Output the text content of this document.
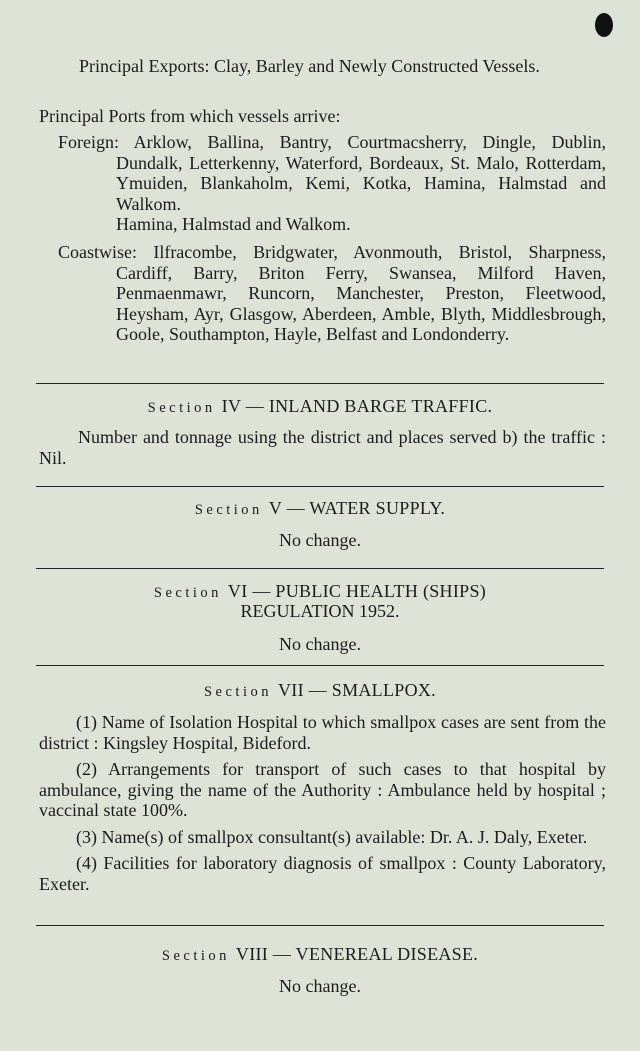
Principal Exports: Clay, Barley and Newly Constructed Vessels.

Principal Ports from which vessels arrive:

Foreign: Arklow, Ballina, Bantry, Courtmacsherry, Dingle, Dublin, Dundalk, Letterkenny, Waterford, Bordeaux, St. Malo, Rotterdam, Ymuiden, Blankaholm, Kemi, Kotka, Hamina, Halmstad and Walkom.

Hamina, Halmstad and Walkom.

Coastwise: Ilfracombe, Bridgwater, Avonmouth, Bristol, Sharpness, Cardiff, Barry, Briton Ferry, Swansea, Milford Haven, Penmaenmawr, Runcorn, Manchester, Preston, Fleetwood, Heysham, Ayr, Glasgow, Aberdeen, Amble, Blyth, Middlesbrough, Goole, Southampton, Hayle, Belfast and Londonderry.

Section IV — INLAND BARGE TRAFFIC.

Number and tonnage using the district and places served b) the traffic : Nil.

Section V — WATER SUPPLY.
No change.
Section VI — PUBLIC HEALTH (SHIPS)
REGULATION 1952.
No change.
Section VII — SMALLPOX.

(1) Name of Isolation Hospital to which smallpox cases are sent from the district : Kingsley Hospital, Bideford.

(2) Arrangements for transport of such cases to that hospital by ambulance, giving the name of the Authority : Ambulance held by hospital ; vaccinal state 100%.

(3) Name(s) of smallpox consultant(s) available: Dr. A. J. Daly, Exeter.

(4) Facilities for laboratory diagnosis of smallpox : County Laboratory, Exeter.

Section VIII — VENEREAL DISEASE.
No change.
